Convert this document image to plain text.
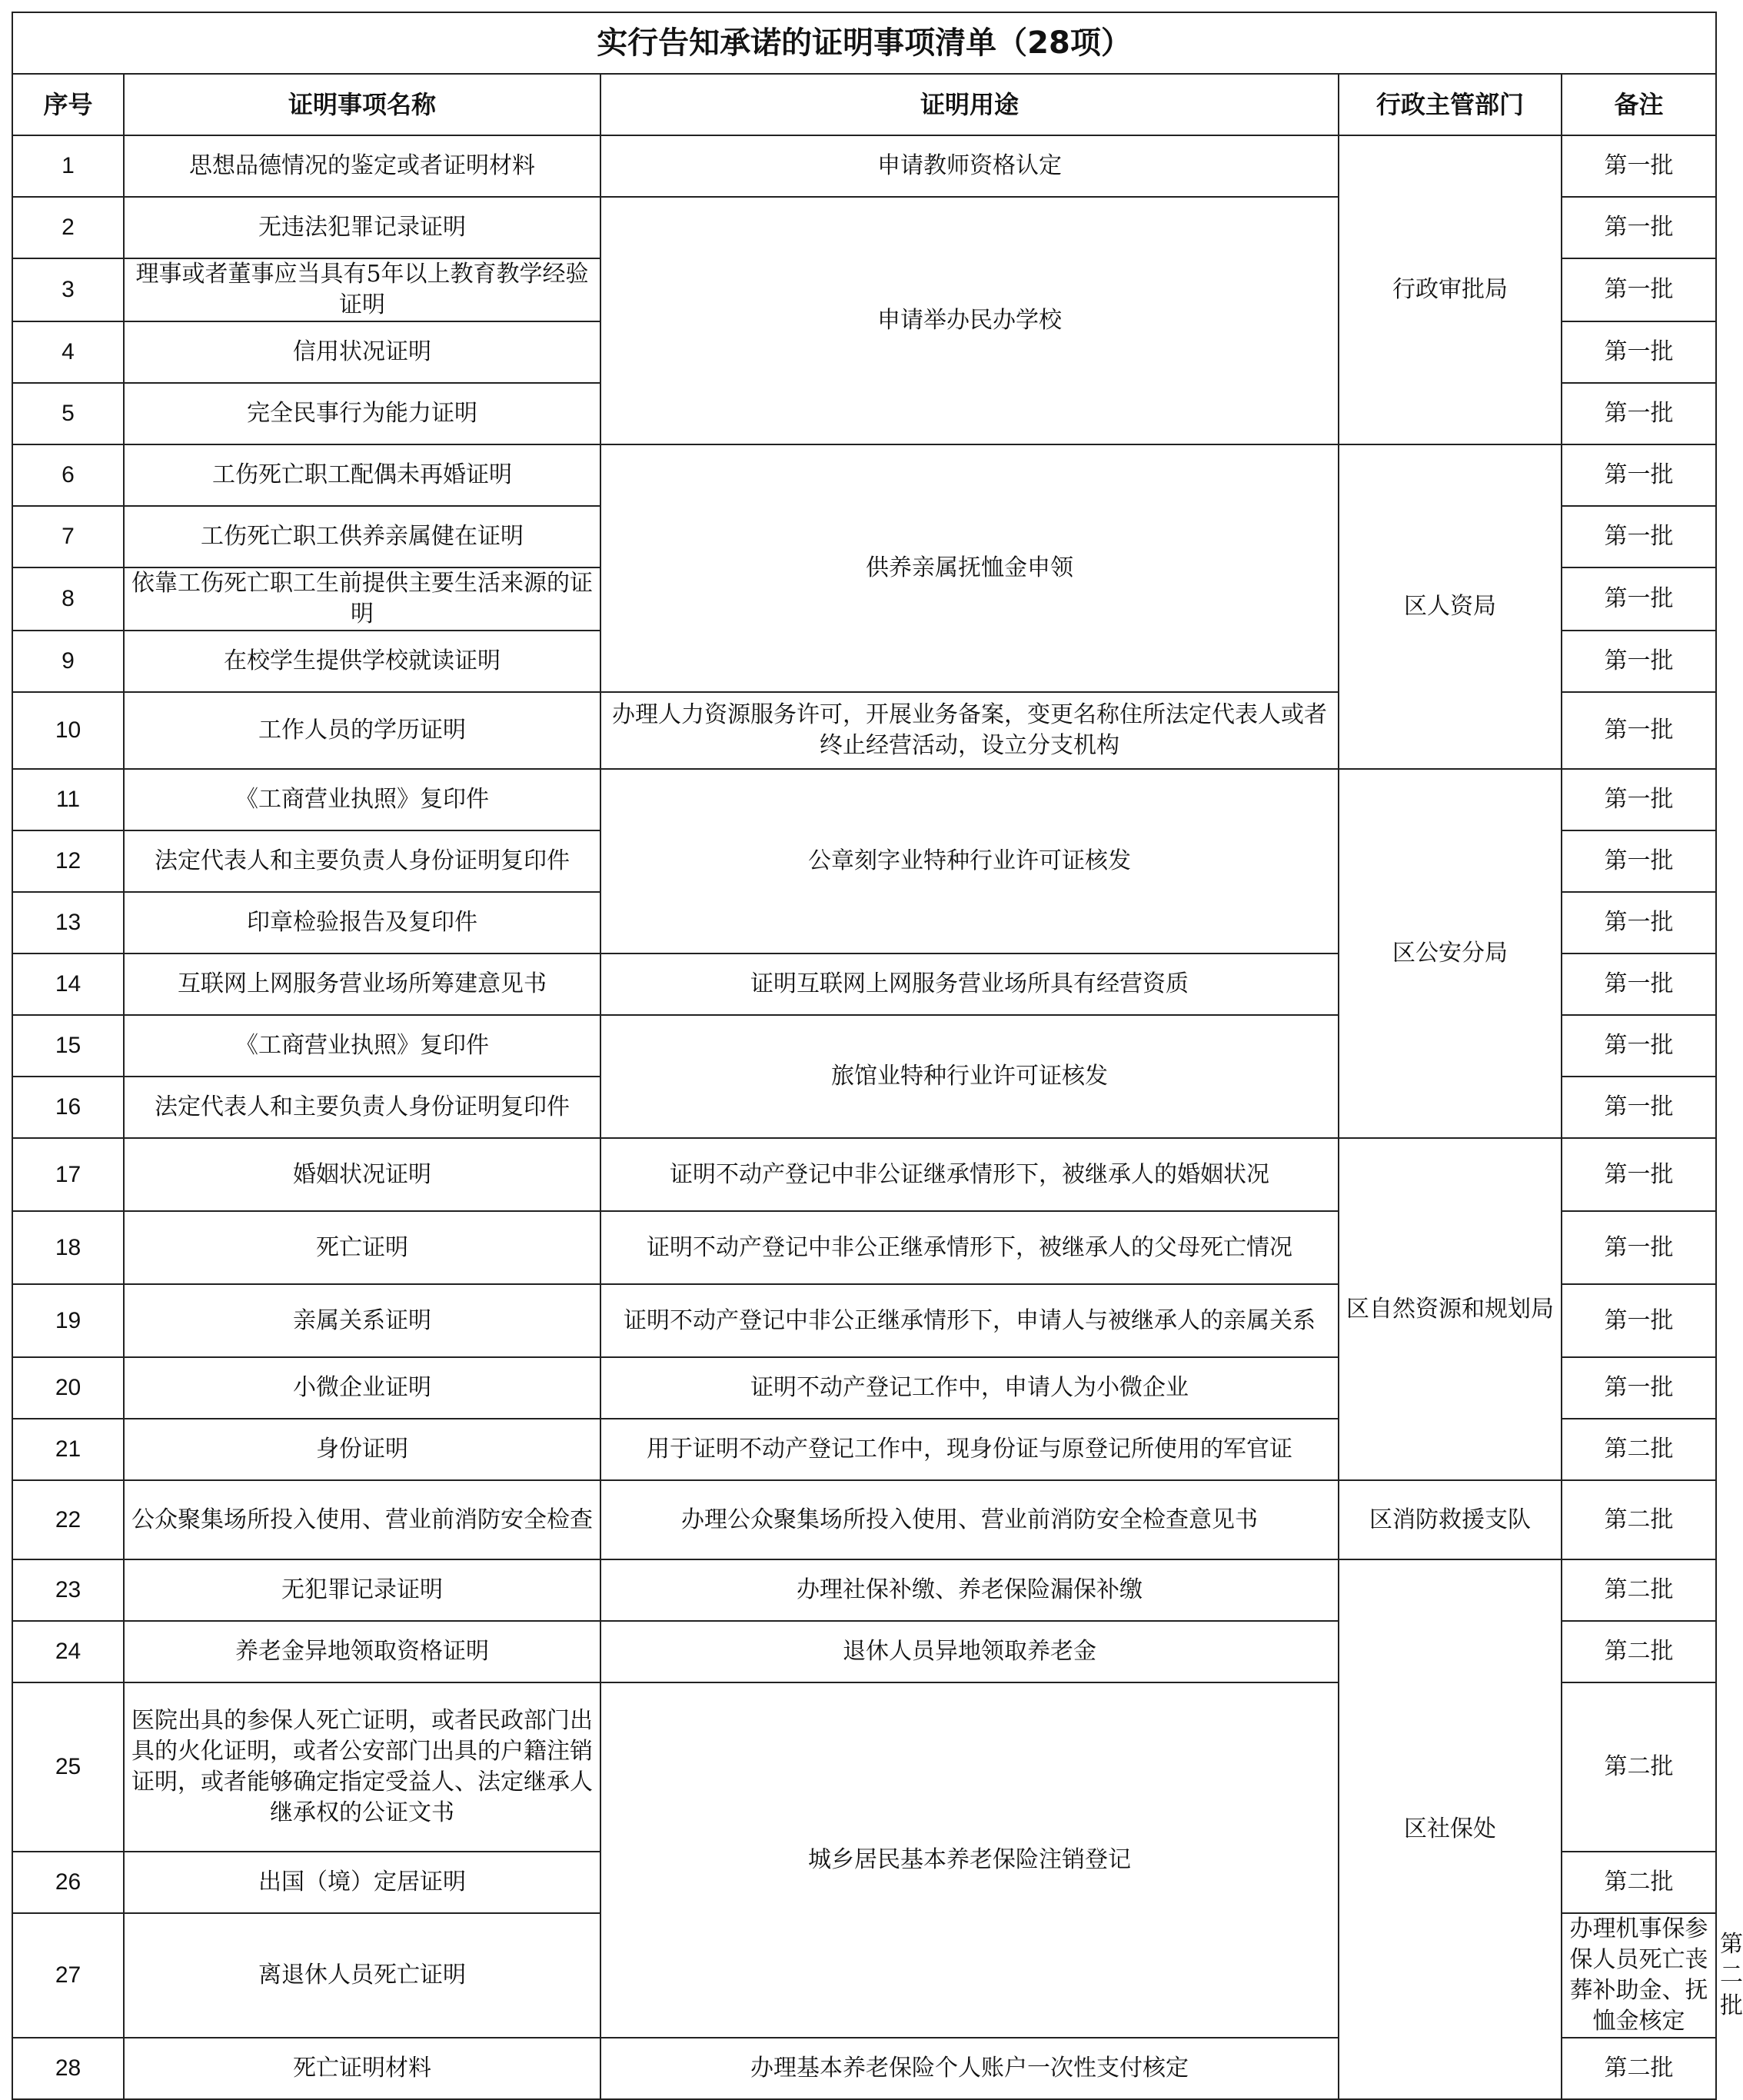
实行告知承诺的证明事项清单（28项）					
序号	证明事项名称	证明用途	行政主管部门	备注	
1	思想品德情况的鉴定或者证明材料	申请教师资格认定	行政审批局	第一批	
2	无违法犯罪记录证明	申请举办民办学校		第一批	
3	理事或者董事应当具有5年以上教育教学经验证明			第一批	
4	信用状况证明			第一批	
5	完全民事行为能力证明			第一批	
6	工伤死亡职工配偶未再婚证明	供养亲属抚恤金申领	区人资局	第一批	
7	工伤死亡职工供养亲属健在证明			第一批	
8	依靠工伤死亡职工生前提供主要生活来源的证明			第一批	
9	在校学生提供学校就读证明			第一批	
10	工作人员的学历证明	办理人力资源服务许可，开展业务备案，变更名称住所法定代表人或者终止经营活动，设立分支机构		第一批	
11	《工商营业执照》复印件	公章刻字业特种行业许可证核发	区公安分局	第一批	
12	法定代表人和主要负责人身份证明复印件			第一批	
13	印章检验报告及复印件			第一批	
14	互联网上网服务营业场所筹建意见书	证明互联网上网服务营业场所具有经营资质		第一批	
15	《工商营业执照》复印件	旅馆业特种行业许可证核发		第一批	
16	法定代表人和主要负责人身份证明复印件			第一批	
17	婚姻状况证明	证明不动产登记中非公证继承情形下，被继承人的婚姻状况	区自然资源和规划局	第一批	
18	死亡证明	证明不动产登记中非公正继承情形下，被继承人的父母死亡情况		第一批	
19	亲属关系证明	证明不动产登记中非公正继承情形下，申请人与被继承人的亲属关系		第一批	
20	小微企业证明	证明不动产登记工作中，申请人为小微企业		第一批	
21	身份证明	用于证明不动产登记工作中，现身份证与原登记所使用的军官证		第二批	
22	公众聚集场所投入使用、营业前消防安全检查	办理公众聚集场所投入使用、营业前消防安全检查意见书	区消防救援支队	第二批	
23	无犯罪记录证明	办理社保补缴、养老保险漏保补缴	区社保处	第二批	
24	养老金异地领取资格证明	退休人员异地领取养老金		第二批	
25	医院出具的参保人死亡证明，或者民政部门出具的火化证明，或者公安部门出具的户籍注销证明，或者能够确定指定受益人、法定继承人继承权的公证文书	城乡居民基本养老保险注销登记		第二批	
26	出国（境）定居证明			第二批	
27	离退休人员死亡证明			办理机事保参保人员死亡丧葬补助金、抚恤金核定	第二批
28	死亡证明材料	办理基本养老保险个人账户一次性支付核定		第二批	
